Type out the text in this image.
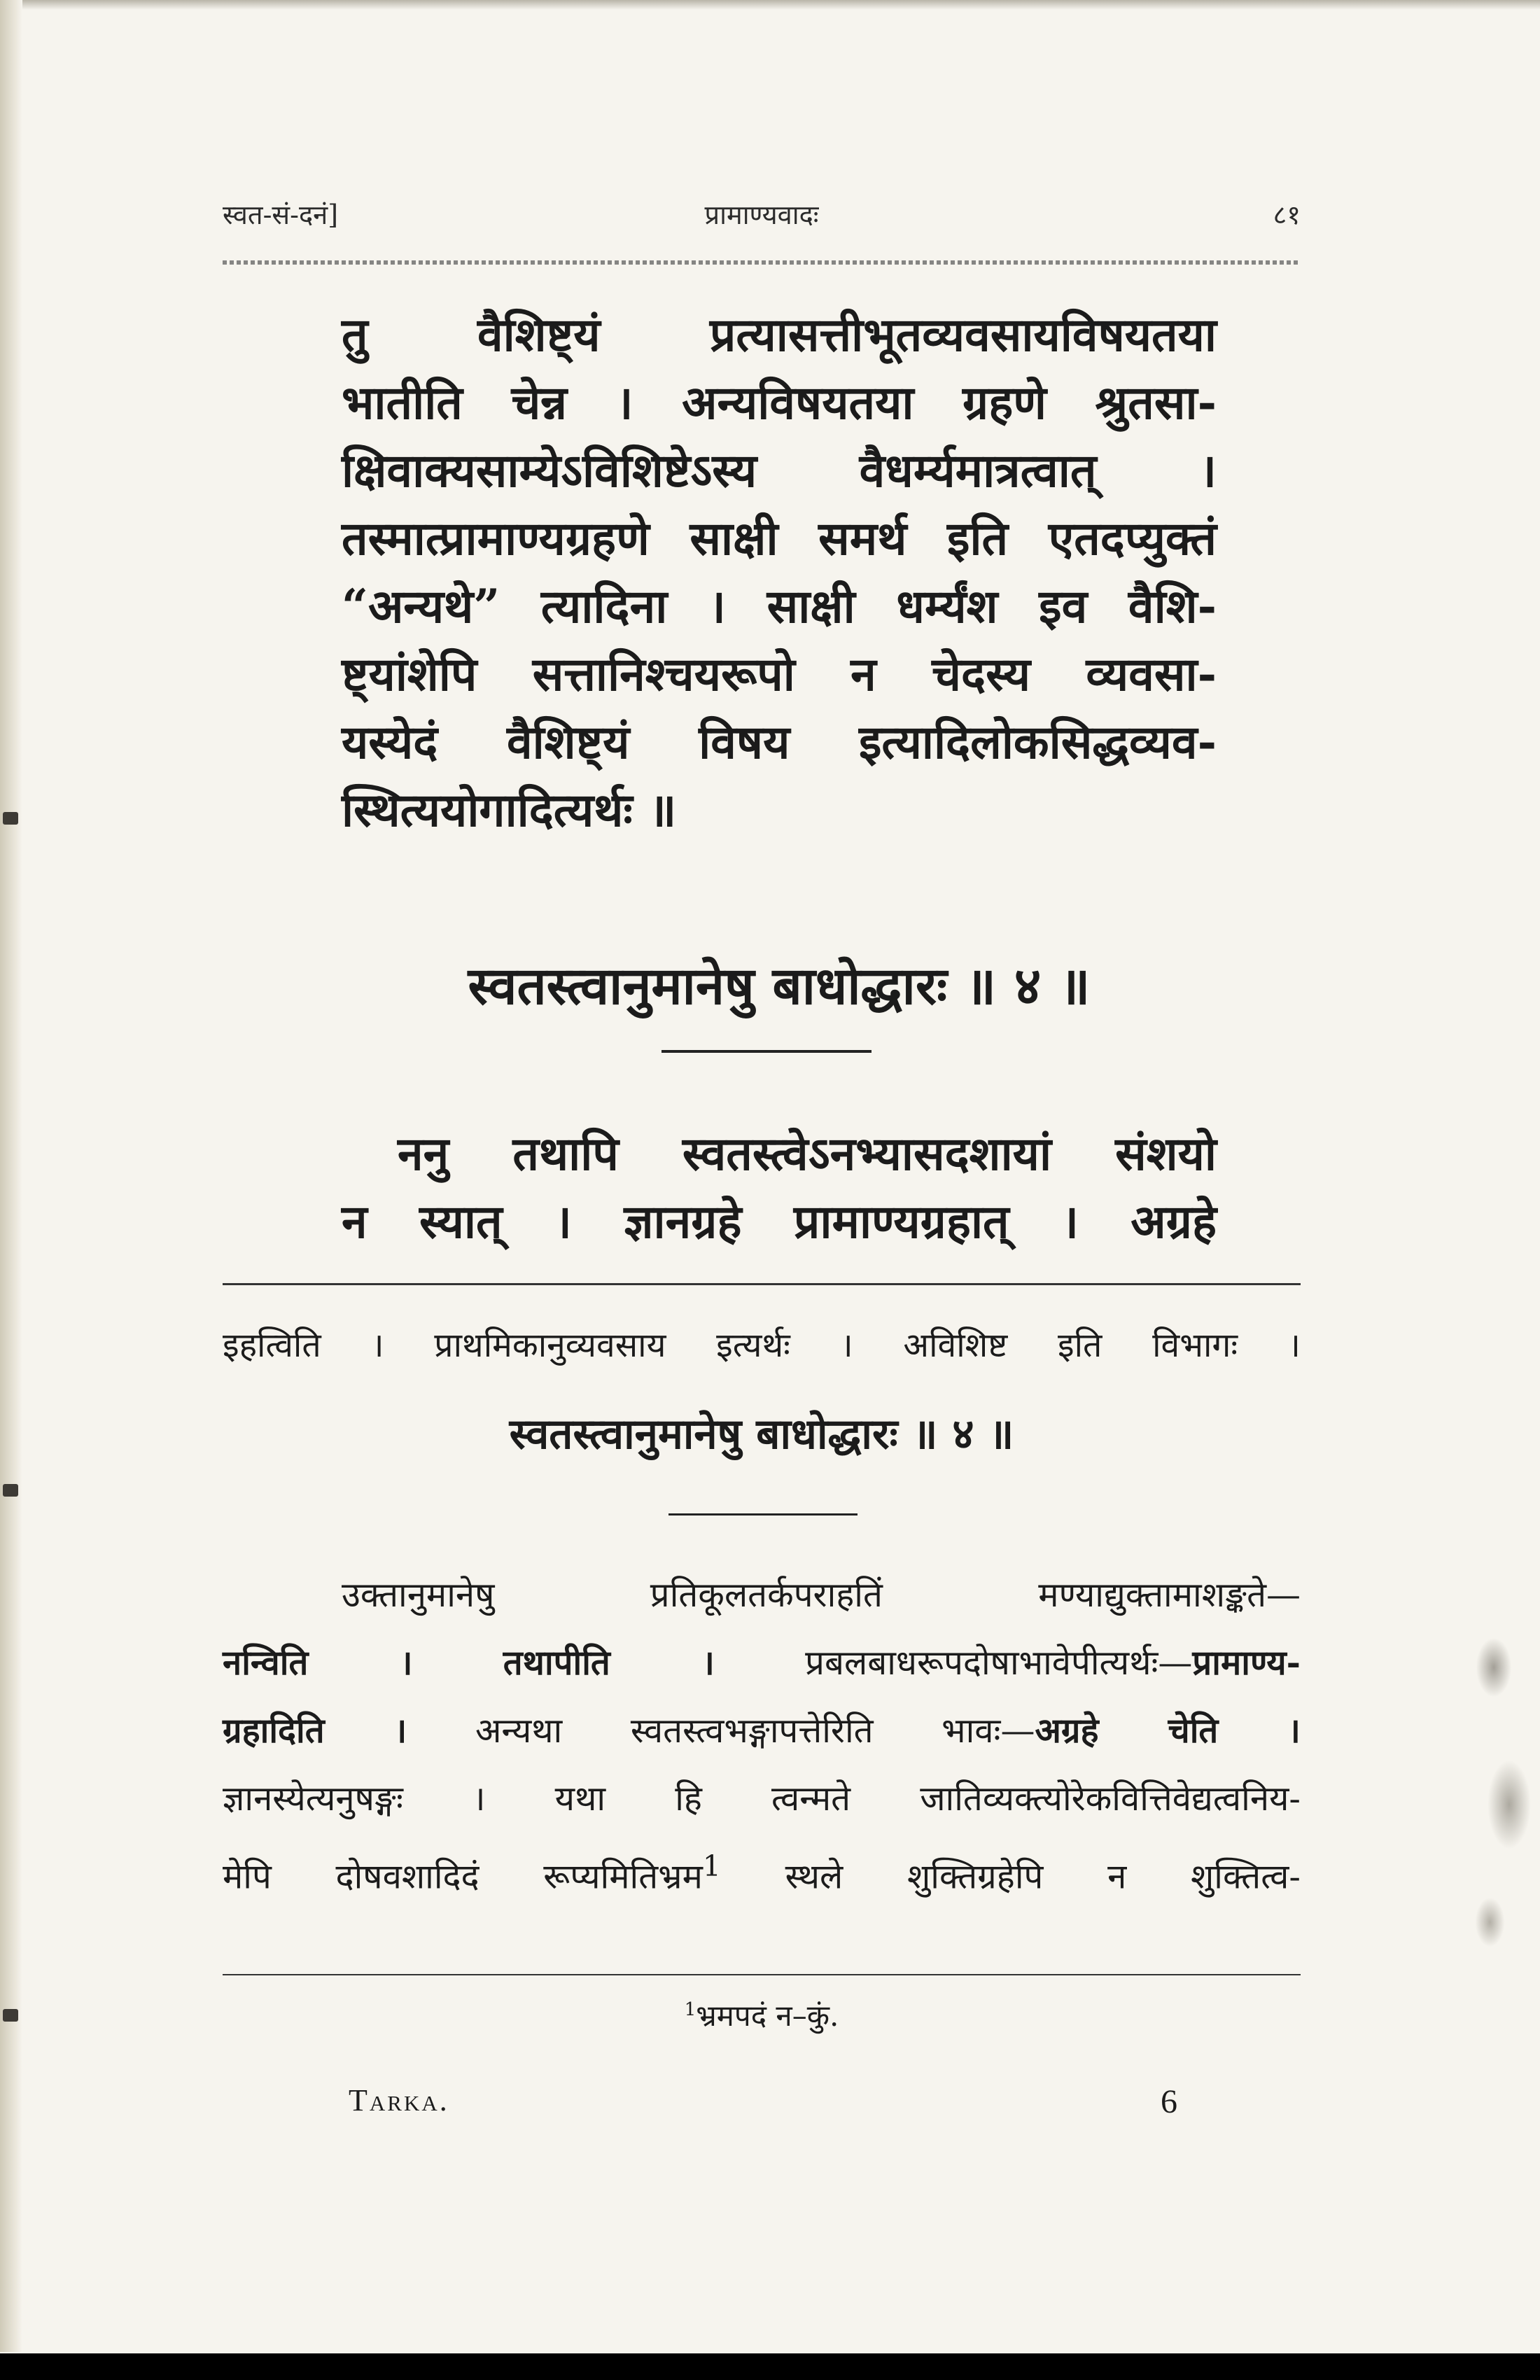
स्वत-सं-दनं]	प्रामाण्यवादः	८१
तु वैशिष्ट्यं प्रत्यासत्तीभूतव्यवसायविषयतया
भातीति चेन्न । अन्यविषयतया ग्रहणे श्रुतसा-
क्षिवाक्यसाम्येऽविशिष्टेऽस्य वैधर्म्यमात्रत्वात् ।
तस्मात्प्रामाण्यग्रहणे साक्षी समर्थ इति एतदप्युक्तं
“अन्यथे” त्यादिना । साक्षी धर्म्यंश इव वैशि-
ष्ट्यांशेपि सत्तानिश्चयरूपो न चेदस्य व्यवसा-
यस्येदं वैशिष्ट्यं विषय इत्यादिलोकसिद्धव्यव-
स्थित्ययोगादित्यर्थः ॥
स्वतस्त्वानुमानेषु बाधोद्धारः ॥ ४ ॥
ननु तथापि स्वतस्त्वेऽनभ्यासदशायां संशयो
न स्यात् । ज्ञानग्रहे प्रामाण्यग्रहात् । अग्रहे
इहत्विति । प्राथमिकानुव्यवसाय इत्यर्थः । अविशिष्ट इति विभागः ।
स्वतस्त्वानुमानेषु बाधोद्धारः ॥ ४ ॥
उक्तानुमानेषु प्रतिकूलतर्कपराहतिं मण्याद्युक्तामाशङ्कते—
नन्विति ।	तथापीति ।	प्रबलबाधरूपदोषाभावेपीत्यर्थः—प्रामाण्य-
ग्रहादिति । अन्यथा स्वतस्त्वभङ्गापत्तेरिति भावः—अग्रहे चेति ।
ज्ञानस्येत्यनुषङ्गः । यथा हि त्वन्मते जातिव्यक्त्योरेकवित्तिवेद्यत्वनिय-
मेपि दोषवशादिदं रूप्यमितिभ्रम$^1$ स्थले शुक्तिग्रहेपि न शुक्तित्व-
$^1$भ्रमपदं न–कुं.
Tarka.	6
